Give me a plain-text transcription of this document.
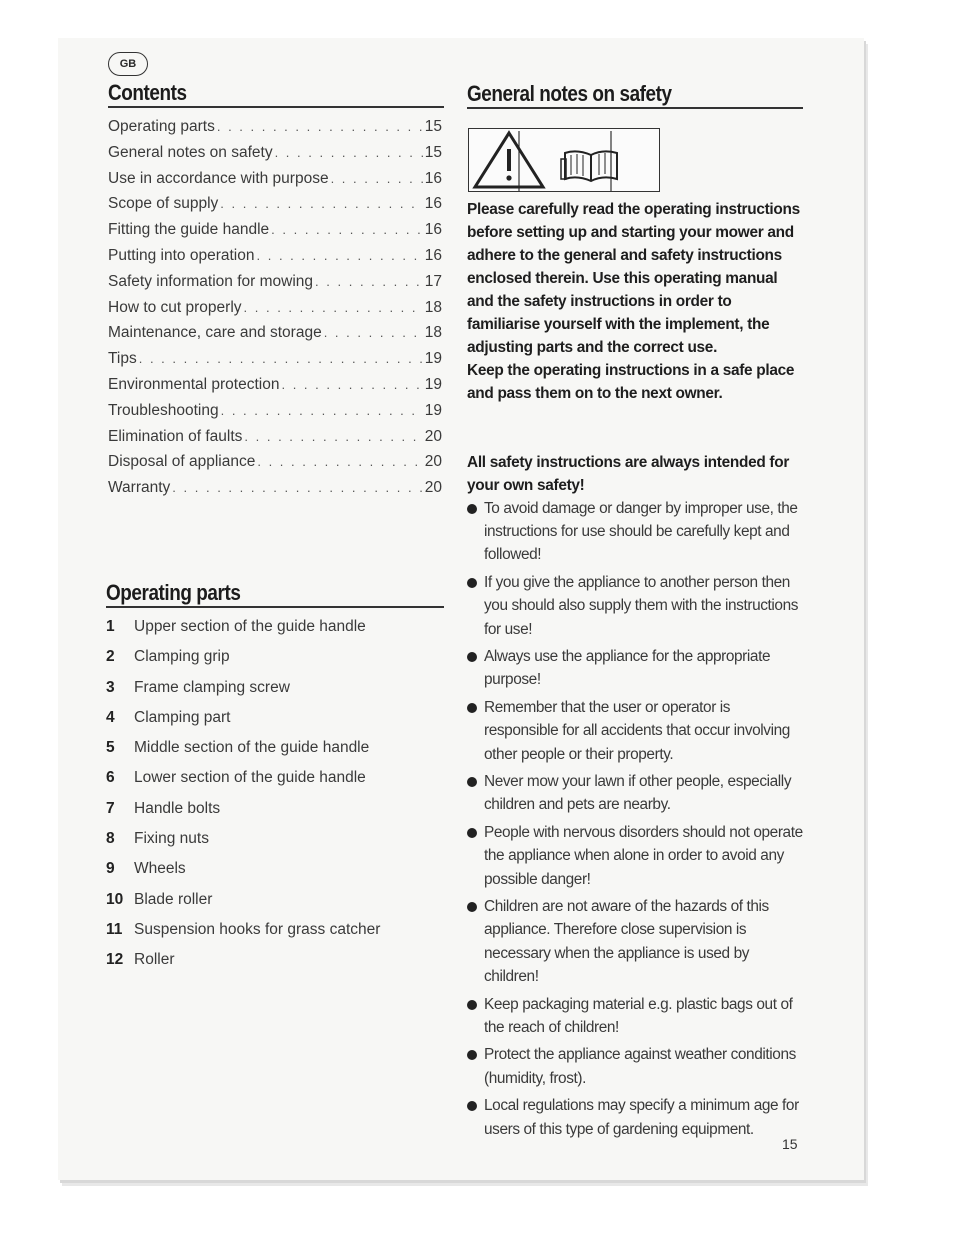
GB
Contents
Operating parts . . .	15
General notes on safety . . .	15
Use in accordance with purpose . . .	16
Scope of supply . . .	16
Fitting the guide handle . . .	16
Putting into operation . . .	16
Safety information for mowing . . .	17
How to cut properly . . .	18
Maintenance, care and storage . . .	18
Tips . . .	19
Environmental protection . . .	19
Troubleshooting . . .	19
Elimination of faults . . .	20
Disposal of appliance . . .	20
Warranty . . .	20
Operating parts
1	Upper section of the guide handle
2	Clamping grip
3	Frame clamping screw
4	Clamping part
5	Middle section of the guide handle
6	Lower section of the guide handle
7	Handle bolts
8	Fixing nuts
9	Wheels
10 Blade roller
11 Suspension hooks for grass catcher
12 Roller
General notes on safety

Please carefully read the operating instructions before setting up and starting your mower and adhere to the general and safety instructions enclosed therein. Use this operating manual and the safety instructions in order to familiarise yourself with the implement, the adjusting parts and the correct use.

Keep the operating instructions in a safe place and pass them on to the next owner.

All safety instructions are always intended for your own safety!
To avoid damage or danger by improper use, the instructions for use should be carefully kept and followed!
If you give the appliance to another person then you should also supply them with the instructions for use!
Always use the appliance for the appropriate purpose!
Remember that the user or operator is responsible for all accidents that occur involving other people or their property.
Never mow your lawn if other people, especially children and pets are nearby.
People with nervous disorders should not operate the appliance when alone in order to avoid any possible danger!
Children are not aware of the hazards of this appliance. Therefore close supervision is necessary when the appliance is used by children!
Keep packaging material e.g. plastic bags out of the reach of children!
Protect the appliance against weather conditions (humidity, frost).
Local regulations may specify a minimum age for users of this type of gardening equipment.
15
